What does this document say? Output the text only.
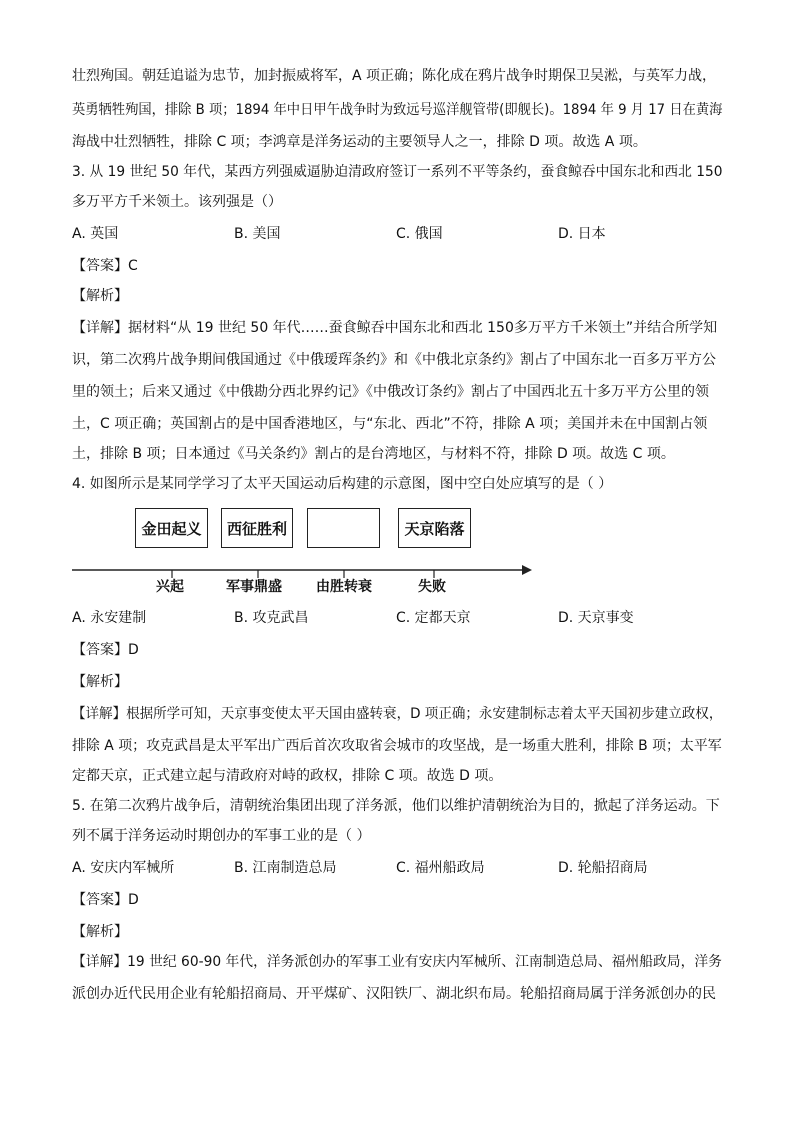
壮烈殉国。朝廷追谥为忠节，加封振威将军，A 项正确；陈化成在鸦片战争时期保卫吴淞，与英军力战，
英勇牺牲殉国，排除 B 项；1894 年中日甲午战争时为致远号巡洋舰管带(即舰长)。1894 年 9 月 17 日在黄海
海战中壮烈牺牲，排除 C 项；李鸿章是洋务运动的主要领导人之一，排除 D 项。故选 A 项。
3. 从 19 世纪 50 年代，某西方列强威逼胁迫清政府签订一系列不平等条约，蚕食鲸吞中国东北和西北 150
多万平方千米领土。该列强是（）
A. 英国	B. 美国	C. 俄国	D. 日本
【答案】C
【解析】
【详解】据材料“从 19 世纪 50 年代……蚕食鲸吞中国东北和西北 150多万平方千米领土”并结合所学知
识，第二次鸦片战争期间俄国通过《中俄瑷珲条约》和《中俄北京条约》割占了中国东北一百多万平方公
里的领土；后来又通过《中俄勘分西北界约记》《中俄改订条约》割占了中国西北五十多万平方公里的领
土，C 项正确；英国割占的是中国香港地区，与“东北、西北”不符，排除 A 项；美国并未在中国割占领
土，排除 B 项；日本通过《马关条约》割占的是台湾地区，与材料不符，排除 D 项。故选 C 项。
4. 如图所示是某同学学习了太平天国运动后构建的示意图，图中空白处应填写的是（ ）
金田起义	西征胜利	天京陷落
兴起	军事鼎盛 由胜转衰	失败
A. 永安建制	B. 攻克武昌	C. 定都天京	D. 天京事变
【答案】D
【解析】
【详解】根据所学可知，天京事变使太平天国由盛转衰，D 项正确；永安建制标志着太平天国初步建立政权，
排除 A 项；攻克武昌是太平军出广西后首次攻取省会城市的攻坚战，是一场重大胜利，排除 B 项；太平军
定都天京，正式建立起与清政府对峙的政权，排除 C 项。故选 D 项。
5. 在第二次鸦片战争后，清朝统治集团出现了洋务派，他们以维护清朝统治为目的，掀起了洋务运动。下
列不属于洋务运动时期创办的军事工业的是（ ）
A. 安庆内军械所	B. 江南制造总局	C. 福州船政局	D. 轮船招商局
【答案】D
【解析】
【详解】19 世纪 60-90 年代，洋务派创办的军事工业有安庆内军械所、江南制造总局、福州船政局，洋务
派创办近代民用企业有轮船招商局、开平煤矿、汉阳铁厂、湖北织布局。轮船招商局属于洋务派创办的民
